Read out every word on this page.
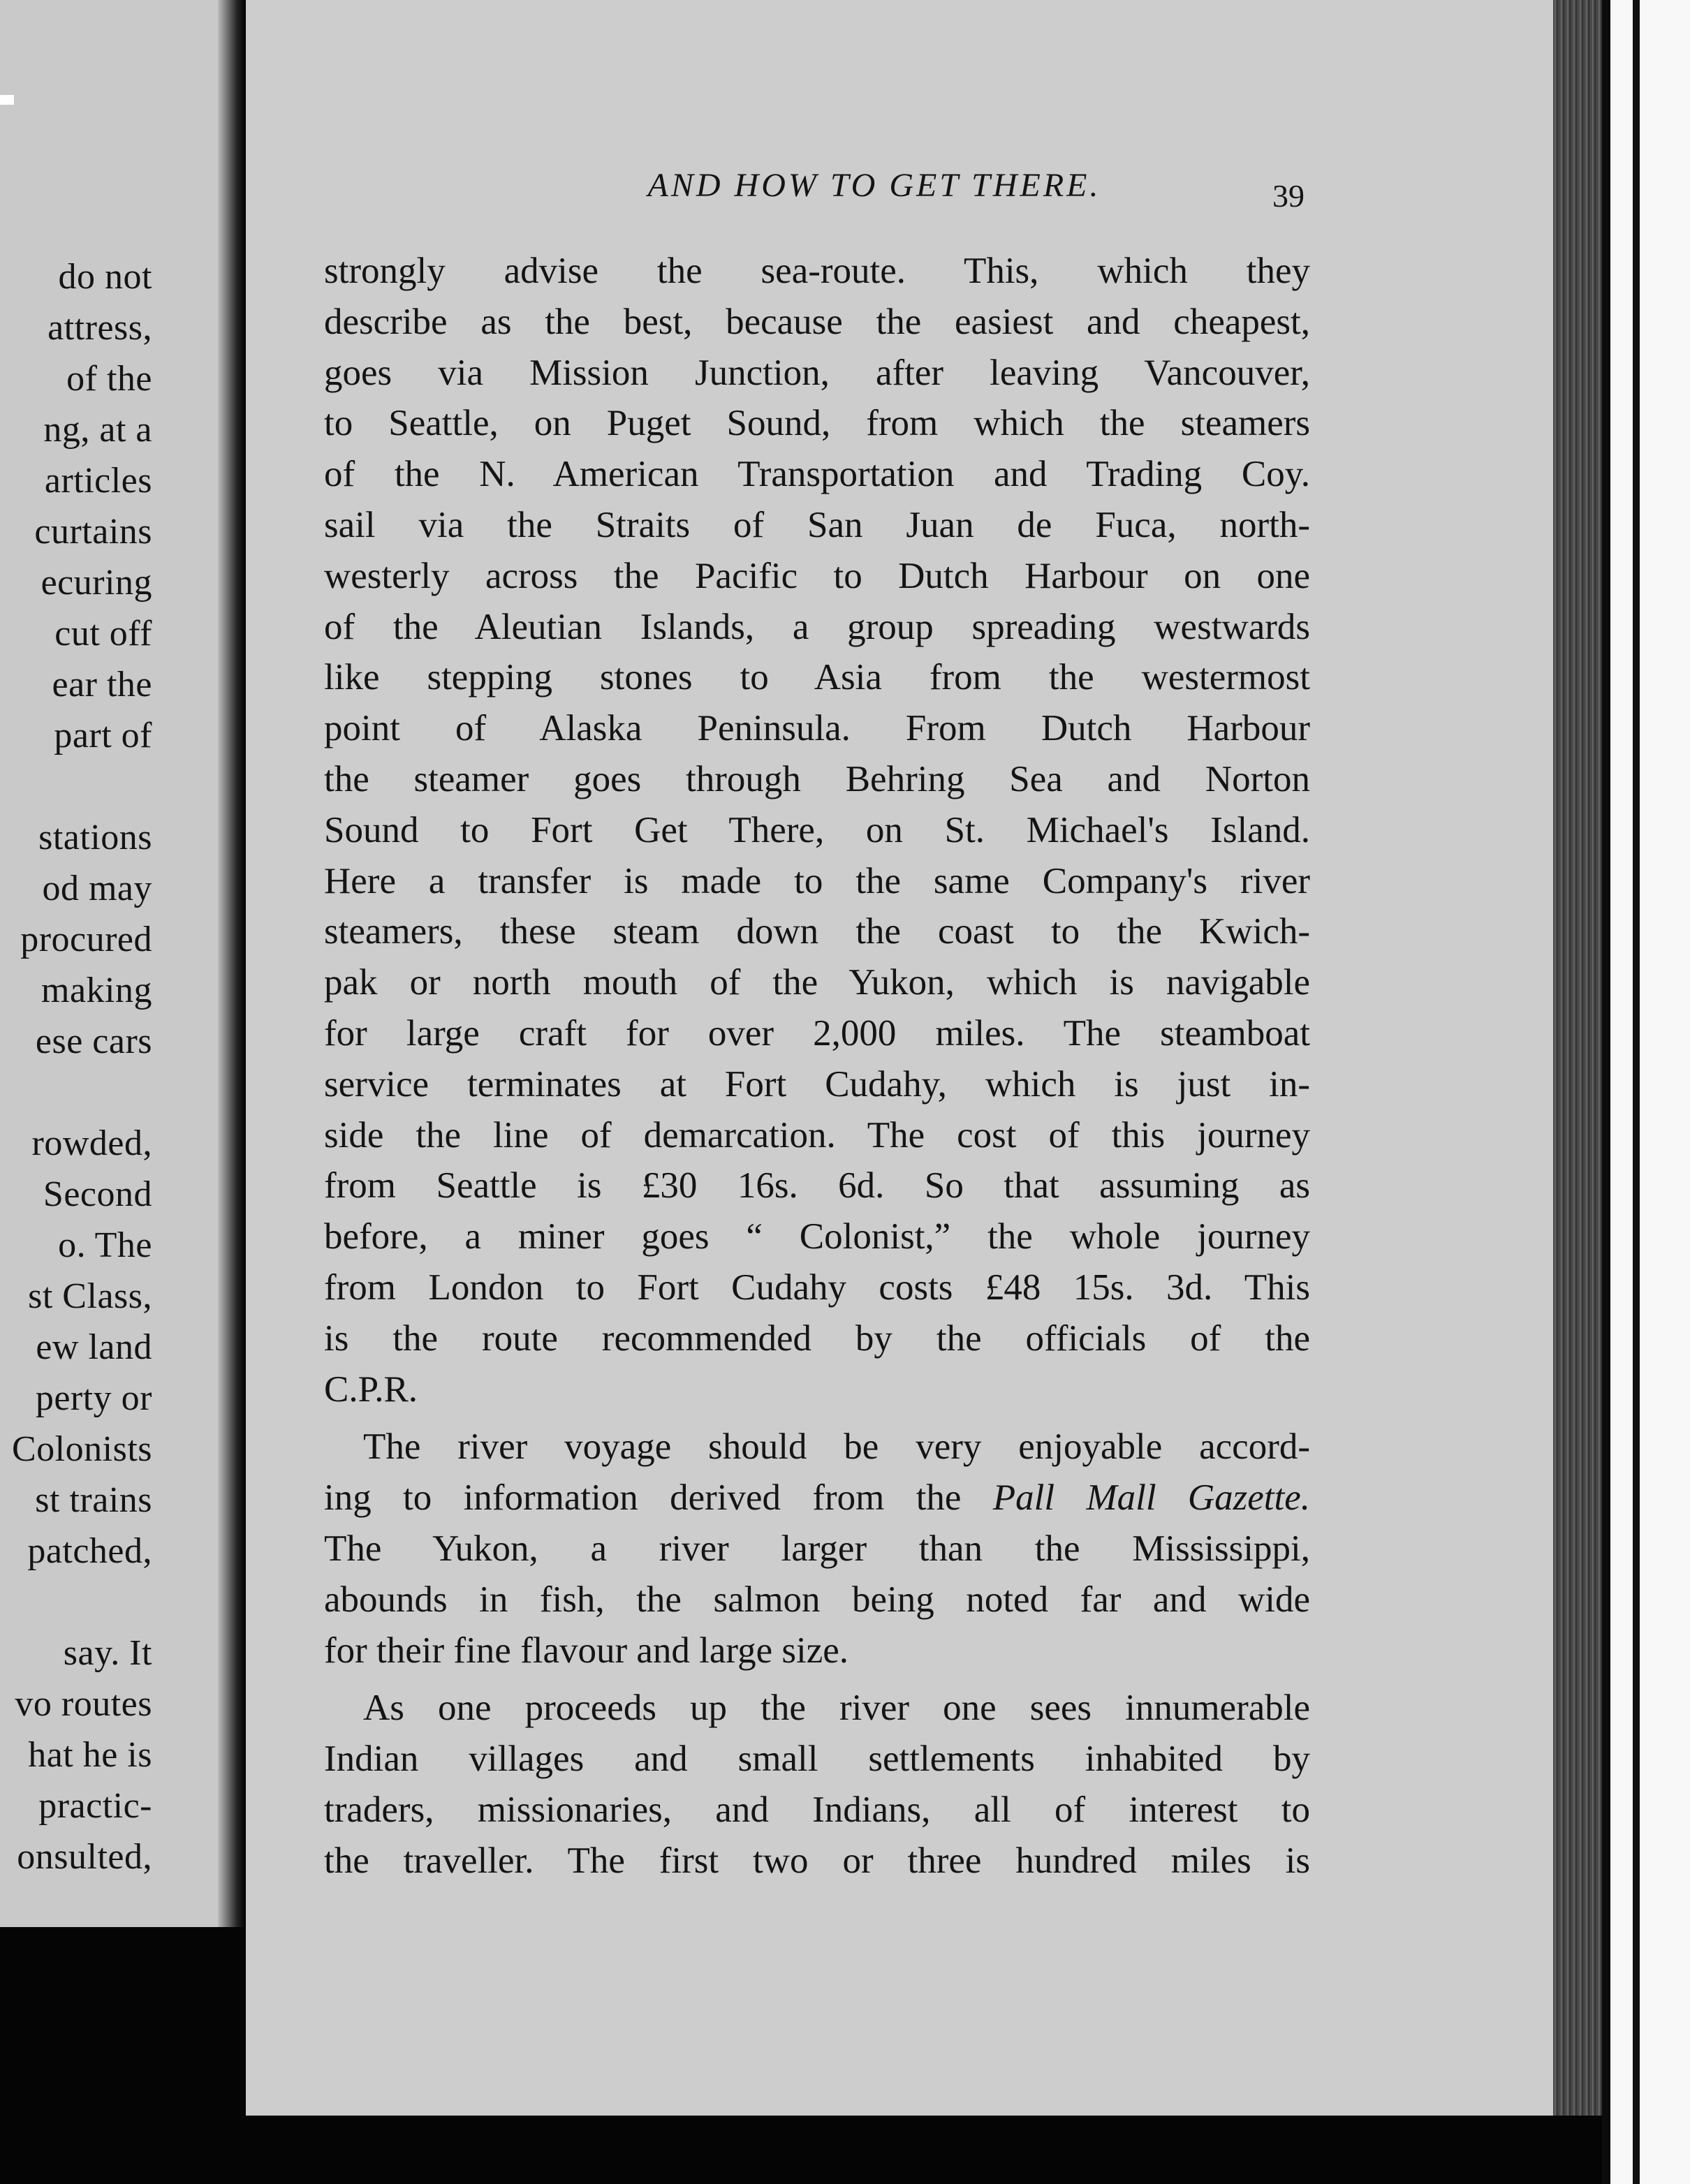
do not
attress,
of the
ng, at a
articles
curtains
ecuring
cut off
ear the
part of
stations
od may
procured
making
ese cars
rowded,
Second
o. The
st Class,
ew land
perty or
Colonists
st trains
patched,
say. It
vo routes
hat he is
practic-
onsulted,
AND HOW TO GET THERE.	39
strongly advise the sea-route. This, which they
describe as the best, because the easiest and cheapest,
goes via Mission Junction, after leaving Vancouver,
to Seattle, on Puget Sound, from which the steamers
of the N. American Transportation and Trading Coy.
sail via the Straits of San Juan de Fuca, north-
westerly across the Pacific to Dutch Harbour on one
of the Aleutian Islands, a group spreading westwards
like stepping stones to Asia from the westermost
point of Alaska Peninsula. From Dutch Harbour
the steamer goes through Behring Sea and Norton
Sound to Fort Get There, on St. Michael's Island.
Here a transfer is made to the same Company's river
steamers, these steam down the coast to the Kwich-
pak or north mouth of the Yukon, which is navigable
for large craft for over 2,000 miles. The steamboat
service terminates at Fort Cudahy, which is just in-
side the line of demarcation. The cost of this journey
from Seattle is £30 16s. 6d. So that assuming as
before, a miner goes “ Colonist,” the whole journey
from London to Fort Cudahy costs £48 15s. 3d. This
is the route recommended by the officials of the
C.P.R.
The river voyage should be very enjoyable accord-
ing to information derived from the Pall Mall Gazette.
The Yukon, a river larger than the Mississippi,
abounds in fish, the salmon being noted far and wide
for their fine flavour and large size.
As one proceeds up the river one sees innumerable
Indian villages and small settlements inhabited by
traders, missionaries, and Indians, all of interest to
the traveller. The first two or three hundred miles is
